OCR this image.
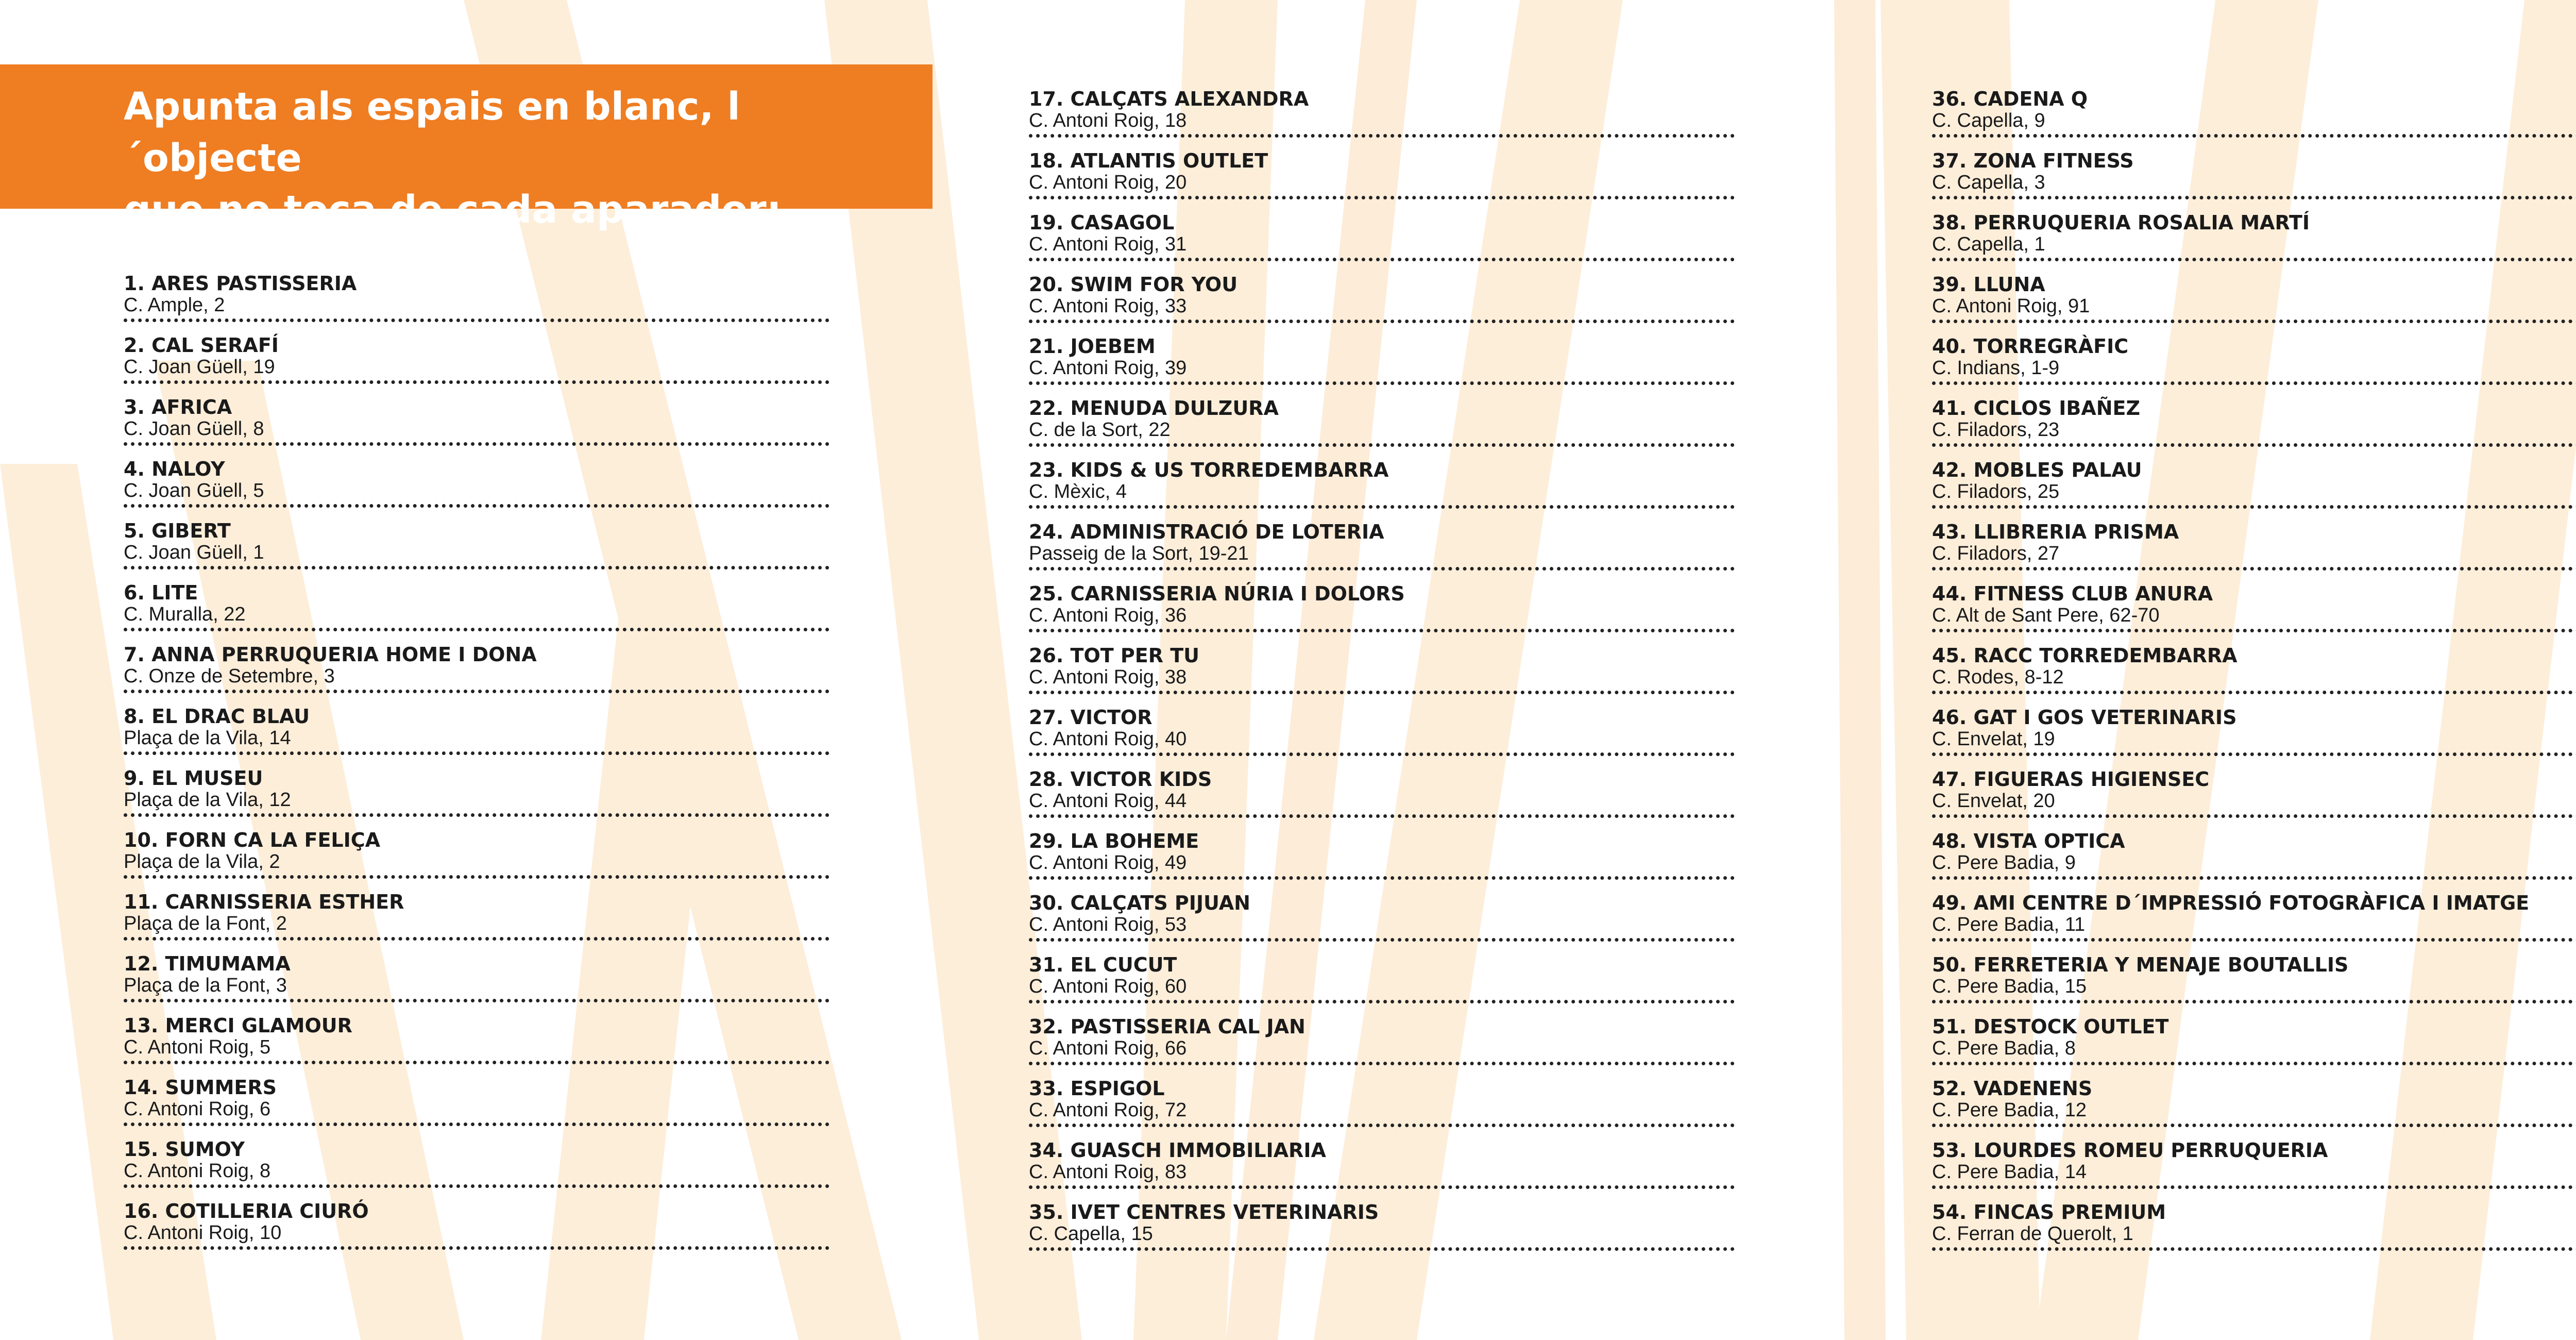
Apunta als espais en blanc, l´objecte
que no toca de cada aparador:
1. ARES PASTISSERIA
C. Ample, 2
2. CAL SERAFÍ
C. Joan Güell, 19
3. AFRICA
C. Joan Güell, 8
4. NALOY
C. Joan Güell, 5
5. GIBERT
C. Joan Güell, 1
6. LITE
C. Muralla, 22
7. ANNA PERRUQUERIA HOME I DONA
C. Onze de Setembre, 3
8. EL DRAC BLAU
Plaça de la Vila, 14
9. EL MUSEU
Plaça de la Vila, 12
10. FORN CA LA FELIÇA
Plaça de la Vila, 2
11. CARNISSERIA ESTHER
Plaça de la Font, 2
12. TIMUMAMA
Plaça de la Font, 3
13. MERCI GLAMOUR
C. Antoni Roig, 5
14. SUMMERS
C. Antoni Roig, 6
15. SUMOY
C. Antoni Roig, 8
16. COTILLERIA CIURÓ
C. Antoni Roig, 10
17. CALÇATS ALEXANDRA
C. Antoni Roig, 18
18. ATLANTIS OUTLET
C. Antoni Roig, 20
19. CASAGOL
C. Antoni Roig, 31
20. SWIM FOR YOU
C. Antoni Roig, 33
21. JOEBEM
C. Antoni Roig, 39
22. MENUDA DULZURA
C. de la Sort, 22
23. KIDS & US TORREDEMBARRA
C. Mèxic, 4
24. ADMINISTRACIÓ DE LOTERIA
Passeig de la Sort, 19-21
25. CARNISSERIA NÚRIA I DOLORS
C. Antoni Roig, 36
26. TOT PER TU
C. Antoni Roig, 38
27. VICTOR
C. Antoni Roig, 40
28. VICTOR KIDS
C. Antoni Roig, 44
29. LA BOHEME
C. Antoni Roig, 49
30. CALÇATS PIJUAN
C. Antoni Roig, 53
31. EL CUCUT
C. Antoni Roig, 60
32. PASTISSERIA CAL JAN
C. Antoni Roig, 66
33. ESPIGOL
C. Antoni Roig, 72
34. GUASCH IMMOBILIARIA
C. Antoni Roig, 83
35. IVET CENTRES VETERINARIS
C. Capella, 15
36. CADENA Q
C. Capella, 9
37. ZONA FITNESS
C. Capella, 3
38. PERRUQUERIA ROSALIA MARTÍ
C. Capella, 1
39. LLUNA
C. Antoni Roig, 91
40. TORREGRÀFIC
C. Indians, 1-9
41. CICLOS IBAÑEZ
C. Filadors, 23
42. MOBLES PALAU
C. Filadors, 25
43. LLIBRERIA PRISMA
C. Filadors, 27
44. FITNESS CLUB ANURA
C. Alt de Sant Pere, 62-70
45. RACC TORREDEMBARRA
C. Rodes, 8-12
46. GAT I GOS VETERINARIS
C. Envelat, 19
47. FIGUERAS HIGIENSEC
C. Envelat, 20
48. VISTA OPTICA
C. Pere Badia, 9
49. AMI CENTRE D´IMPRESSIÓ FOTOGRÀFICA I IMATGE
C. Pere Badia, 11
50. FERRETERIA Y MENAJE BOUTALLIS
C. Pere Badia, 15
51. DESTOCK OUTLET
C. Pere Badia, 8
52. VADENENS
C. Pere Badia, 12
53. LOURDES ROMEU PERRUQUERIA
C. Pere Badia, 14
54. FINCAS PREMIUM
C. Ferran de Querolt, 1
